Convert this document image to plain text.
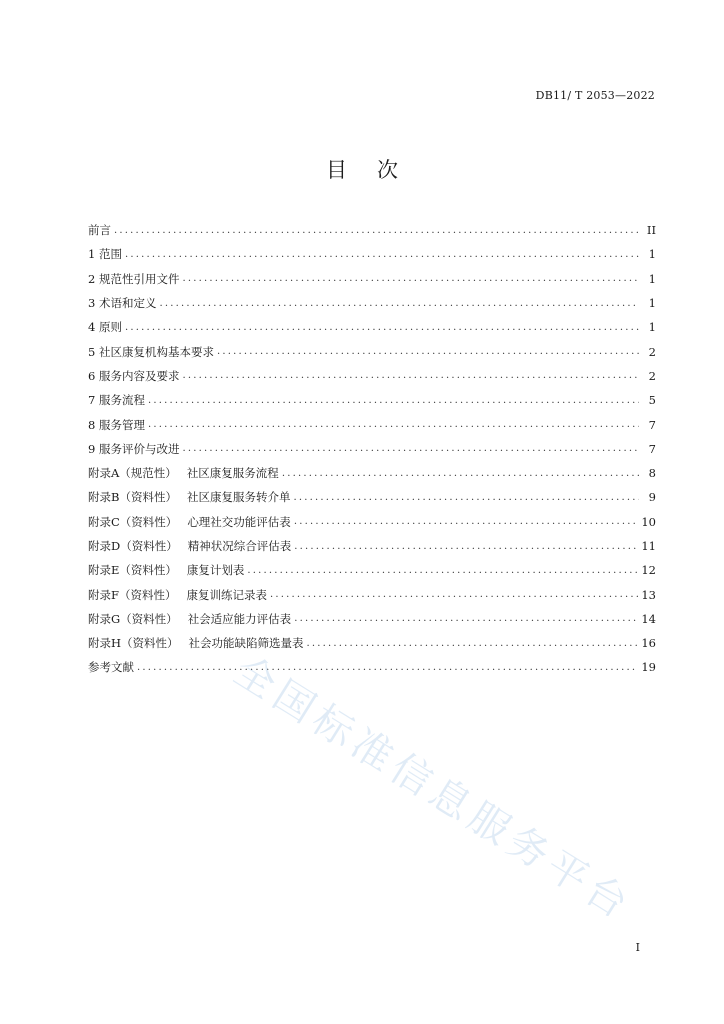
DB11/ T 2053—2022
目 次
前言 .....	II
1 范围 .....	1
2 规范性引用文件 .....	1
3 术语和定义 .....	1
4 原则 .....	1
5 社区康复机构基本要求 .....	2
6 服务内容及要求 .....	2
7 服务流程 .....	5
8 服务管理 .....	7
9 服务评价与改进 .....	7
附录A（规范性） 社区康复服务流程 .....	8
附录B（资料性） 社区康复服务转介单 .....	9
附录C（资料性） 心理社交功能评估表 .....	10
附录D（资料性） 精神状况综合评估表 .....	11
附录E（资料性） 康复计划表 .....	12
附录F（资料性） 康复训练记录表 .....	13
附录G（资料性） 社会适应能力评估表 .....	14
附录H（资料性） 社会功能缺陷筛选量表 .....	16
参考文献 .....	19
全国标准信息服务平台
I
